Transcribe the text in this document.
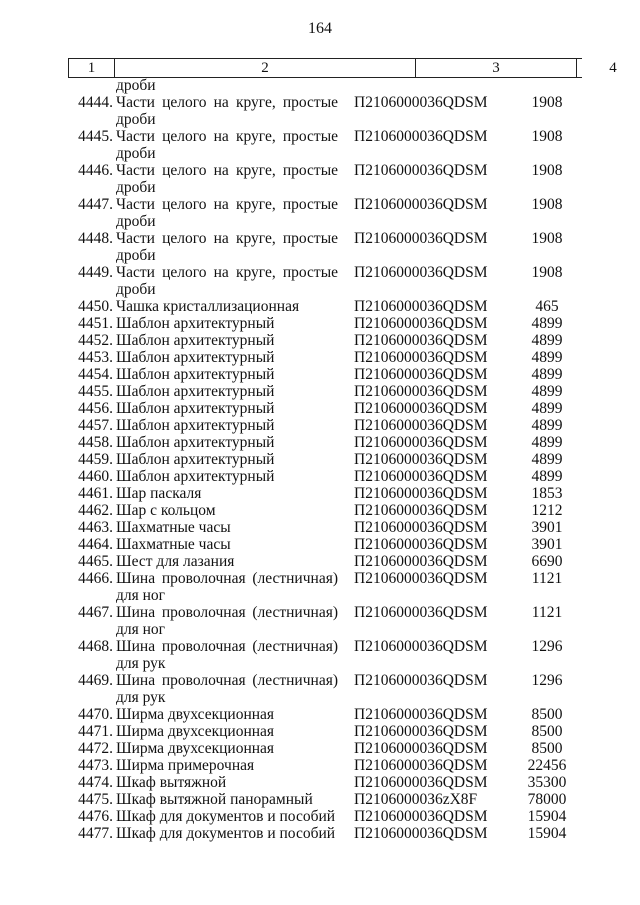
164
1	2	3	4
дроби
4444. Части целого на круге, простые П2106000036QDSM	1908
дроби
4445. Части целого на круге, простые П2106000036QDSM	1908
дроби
4446. Части целого на круге, простые П2106000036QDSM	1908
дроби
4447. Части целого на круге, простые П2106000036QDSM	1908
дроби
4448. Части целого на круге, простые П2106000036QDSM	1908
дроби
4449. Части целого на круге, простые П2106000036QDSM	1908
дроби
4450. Чашка кристаллизационная	П2106000036QDSM	465
4451. Шаблон архитектурный	П2106000036QDSM	4899
4452. Шаблон архитектурный	П2106000036QDSM	4899
4453. Шаблон архитектурный	П2106000036QDSM	4899
4454. Шаблон архитектурный	П2106000036QDSM	4899
4455. Шаблон архитектурный	П2106000036QDSM	4899
4456. Шаблон архитектурный	П2106000036QDSM	4899
4457. Шаблон архитектурный	П2106000036QDSM	4899
4458. Шаблон архитектурный	П2106000036QDSM	4899
4459. Шаблон архитектурный	П2106000036QDSM	4899
4460. Шаблон архитектурный	П2106000036QDSM	4899
4461. Шар паскаля	П2106000036QDSM	1853
4462. Шар с кольцом	П2106000036QDSM	1212
4463. Шахматные часы	П2106000036QDSM	3901
4464. Шахматные часы	П2106000036QDSM	3901
4465. Шест для лазания	П2106000036QDSM	6690
4466. Шина проволочная (лестничная) П2106000036QDSM	1121
для ног
4467. Шина проволочная (лестничная) П2106000036QDSM	1121
для ног
4468. Шина проволочная (лестничная) П2106000036QDSM	1296
для рук
4469. Шина проволочная (лестничная) П2106000036QDSM	1296
для рук
4470. Ширма двухсекционная	П2106000036QDSM	8500
4471. Ширма двухсекционная	П2106000036QDSM	8500
4472. Ширма двухсекционная	П2106000036QDSM	8500
4473. Ширма примерочная	П2106000036QDSM	22456
4474. Шкаф вытяжной	П2106000036QDSM	35300
4475. Шкаф вытяжной панорамный	П21060000З6zX8F	78000
4476. Шкаф для документов и пособий П2106000036QDSM	15904
4477. Шкаф для документов и пособий П2106000036QDSM	15904
